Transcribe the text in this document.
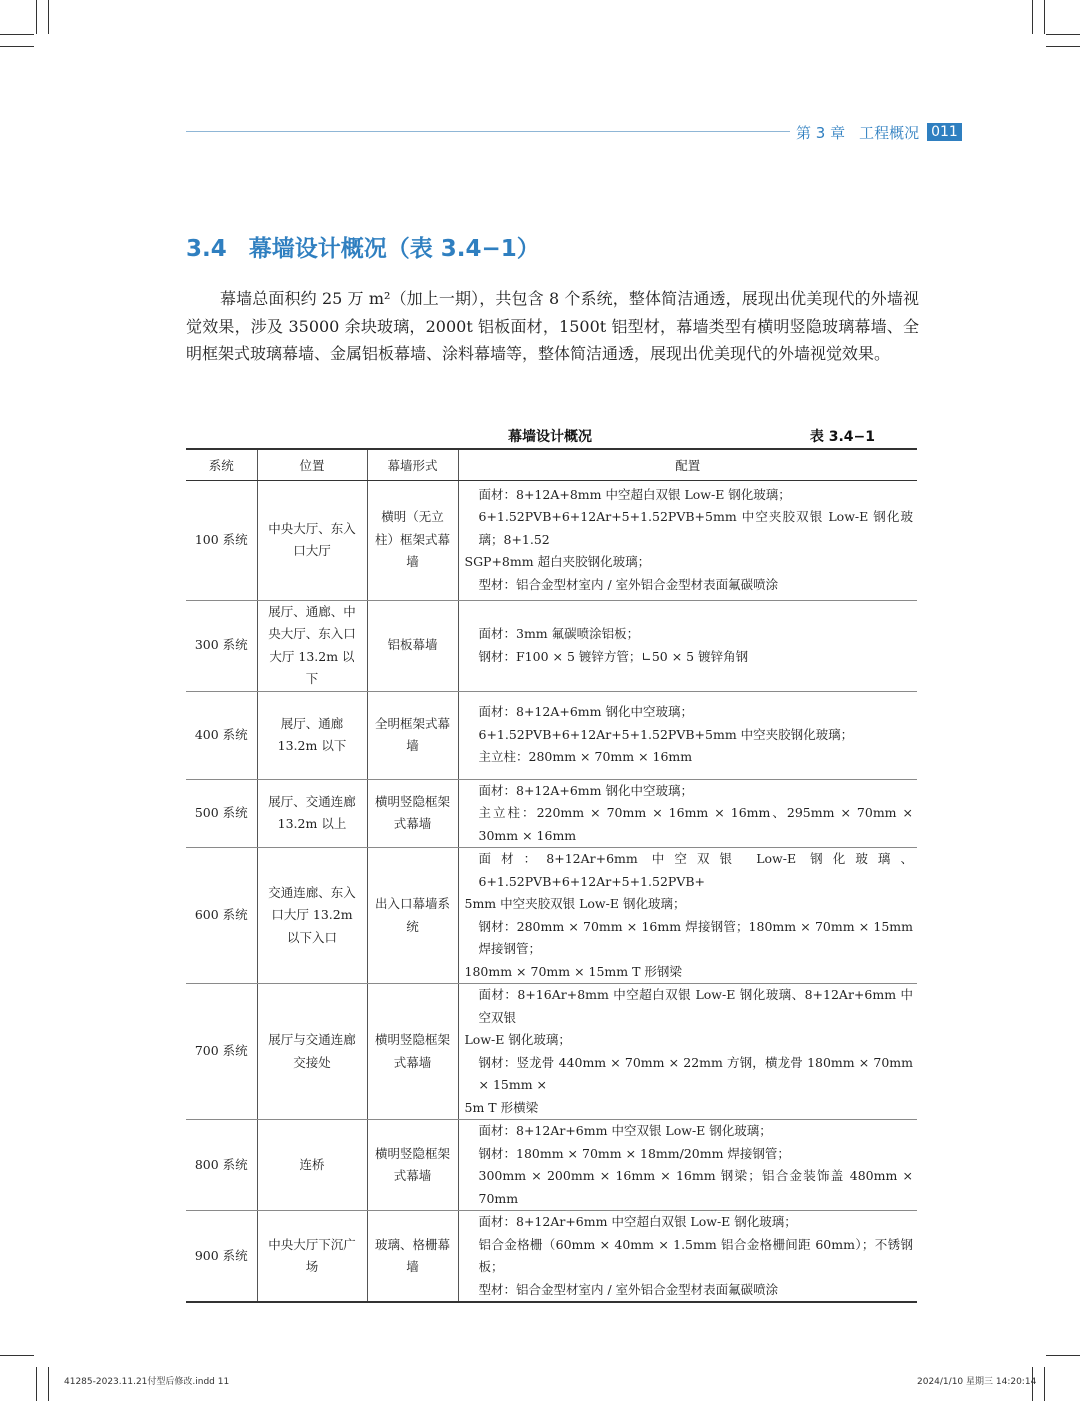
第 3 章 工程概况 011
3.4 幕墙设计概况（表 3.4−1）

幕墙总面积约 25 万 m²（加上一期），共包含 8 个系统，整体简洁通透，展现出优美现代的外墙视觉效果，涉及 35000 余块玻璃，2000t 铝板面材，1500t 铝型材，幕墙类型有横明竖隐玻璃幕墙、全明框架式玻璃幕墙、金属铝板幕墙、涂料幕墙等，整体简洁通透，展现出优美现代的外墙视觉效果。

幕墙设计概况	表 3.4−1
系统	位置	幕墙形式	配置
100 系统	中央大厅、东入口大厅	横明（无立柱）框架式幕墙	面材：8+12A+8mm 中空超白双银 Low-E 钢化玻璃；
6+1.52PVB+6+12Ar+5+1.52PVB+5mm 中空夹胶双银 Low-E 钢化玻璃；8+1.52
SGP+8mm 超白夹胶钢化玻璃；
型材：铝合金型材室内 / 室外铝合金型材表面氟碳喷涂

300 系统	展厅、通廊、中央大厅、东入口大厅 13.2m 以下	铝板幕墙	面材：3mm 氟碳喷涂铝板；
钢材：F100 × 5 镀锌方管；∟50 × 5 镀锌角钢

400 系统	展厅、通廊 13.2m 以下	全明框架式幕墙	面材：8+12A+6mm 钢化中空玻璃；
6+1.52PVB+6+12Ar+5+1.52PVB+5mm 中空夹胶钢化玻璃；
主立柱：280mm × 70mm × 16mm

500 系统	展厅、交通连廊 13.2m 以上	横明竖隐框架式幕墙	面材：8+12A+6mm 钢化中空玻璃；
主立柱：220mm × 70mm × 16mm × 16mm、295mm × 70mm × 30mm × 16mm

600 系统	交通连廊、东入口大厅 13.2m 以下入口	出入口幕墙系统	面材：8+12Ar+6mm 中空双银 Low-E 钢化玻璃、6+1.52PVB+6+12Ar+5+1.52PVB+
5mm 中空夹胶双银 Low-E 钢化玻璃；
钢材：280mm × 70mm × 16mm 焊接钢管；180mm × 70mm × 15mm 焊接钢管；
180mm × 70mm × 15mm T 形钢梁

700 系统	展厅与交通连廊交接处	横明竖隐框架式幕墙	面材：8+16Ar+8mm 中空超白双银 Low-E 钢化玻璃、8+12Ar+6mm 中空双银
Low-E 钢化玻璃；
钢材：竖龙骨 440mm × 70mm × 22mm 方钢，横龙骨 180mm × 70mm × 15mm ×
5m T 形横梁

800 系统	连桥	横明竖隐框架式幕墙	面材：8+12Ar+6mm 中空双银 Low-E 钢化玻璃；
钢材：180mm × 70mm × 18mm/20mm 焊接钢管；
300mm × 200mm × 16mm × 16mm 钢梁；铝合金装饰盖 480mm × 70mm

900 系统	中央大厅下沉广场	玻璃、格栅幕墙	面材：8+12Ar+6mm 中空超白双银 Low-E 钢化玻璃；
铝合金格栅（60mm × 40mm × 1.5mm 铝合金格栅间距 60mm）；不锈钢板；
型材：铝合金型材室内 / 室外铝合金型材表面氟碳喷涂
41285-2023.11.21付型后修改.indd 11	2024/1/10 星期三 14:20:14
